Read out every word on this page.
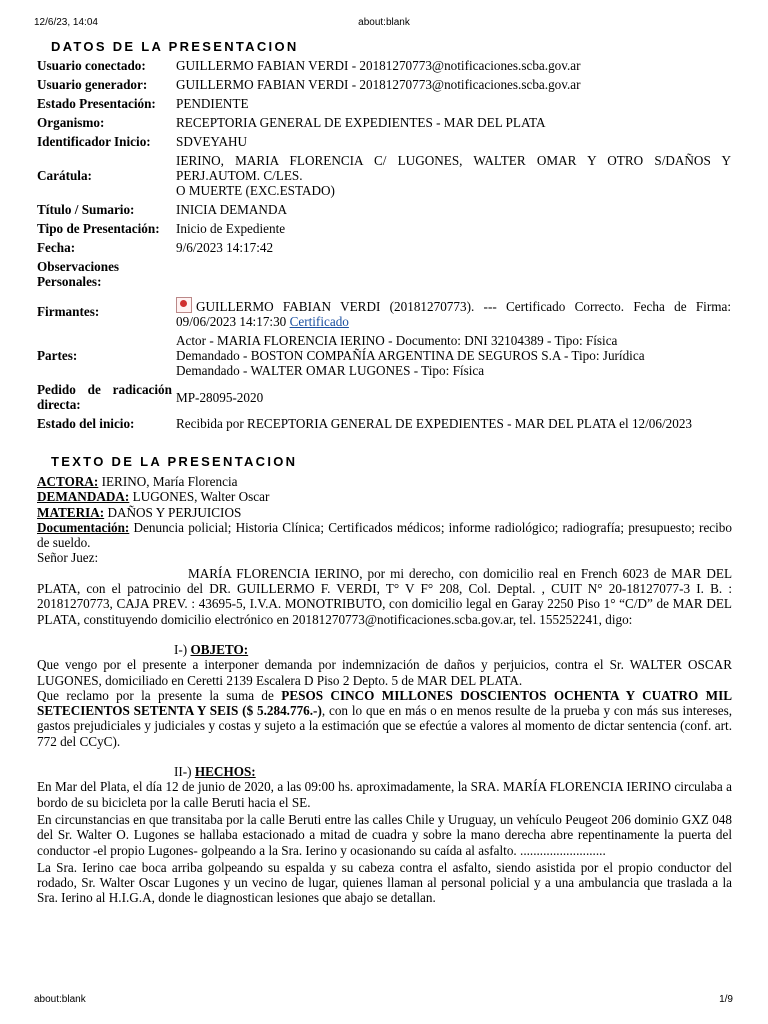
12/6/23, 14:04	about:blank
DATOS DE LA PRESENTACION
Usuario conectado:	GUILLERMO FABIAN VERDI - 20181270773@notificaciones.scba.gov.ar
Usuario generador:	GUILLERMO FABIAN VERDI - 20181270773@notificaciones.scba.gov.ar
Estado Presentación:	PENDIENTE
Organismo:	RECEPTORIA GENERAL DE EXPEDIENTES - MAR DEL PLATA
Identificador Inicio:	SDVEYAHU
Carátula:	IERINO, MARIA FLORENCIA C/ LUGONES, WALTER OMAR Y OTRO S/DAÑOS Y PERJ.AUTOM. C/LES.
O MUERTE (EXC.ESTADO)
Título / Sumario:	INICIA DEMANDA
Tipo de Presentación:	Inicio de Expediente
Fecha:	9/6/2023 14:17:42
Observaciones Personales:	
Firmantes:	GUILLERMO FABIAN VERDI (20181270773). --- Certificado Correcto. Fecha de Firma: 09/06/2023 14:17:30 Certificado
Partes:	Actor - MARIA FLORENCIA IERINO - Documento: DNI 32104389 - Tipo: Física
Demandado - BOSTON COMPAÑÍA ARGENTINA DE SEGUROS S.A - Tipo: Jurídica
Demandado - WALTER OMAR LUGONES - Tipo: Física
Pedido de radicación directa:	MP-28095-2020
Estado del inicio:	Recibida por RECEPTORIA GENERAL DE EXPEDIENTES - MAR DEL PLATA el 12/06/2023
TEXTO DE LA PRESENTACION

ACTORA: IERINO, María Florencia

DEMANDADA: LUGONES, Walter Oscar

MATERIA: DAÑOS Y PERJUICIOS

Documentación: Denuncia policial; Historia Clínica; Certificados médicos; informe radiológico; radiografía; presupuesto; recibo de sueldo.

Señor Juez:

MARÍA FLORENCIA IERINO, por mi derecho, con domicilio real en French 6023 de MAR DEL PLATA, con el patrocinio del DR. GUILLERMO F. VERDI, T° V F° 208, Col. Deptal. , CUIT N° 20-18127077-3 I. B. : 20181270773, CAJA PREV. : 43695-5, I.V.A. MONOTRIBUTO, con domicilio legal en Garay 2250 Piso 1° “C/D” de MAR DEL PLATA, constituyendo domicilio electrónico en 20181270773@notificaciones.scba.gov.ar, tel. 155252241, digo:

I-) OBJETO:

Que vengo por el presente a interponer demanda por indemnización de daños y perjuicios, contra el Sr. WALTER OSCAR LUGONES, domiciliado en Ceretti 2139 Escalera D Piso 2 Depto. 5 de MAR DEL PLATA.

Que reclamo por la presente la suma de PESOS CINCO MILLONES DOSCIENTOS OCHENTA Y CUATRO MIL SETECIENTOS SETENTA Y SEIS ($ 5.284.776.-), con lo que en más o en menos resulte de la prueba y con más sus intereses, gastos prejudiciales y judiciales y costas y sujeto a la estimación que se efectúe a valores al momento de dictar sentencia (conf. art. 772 del CCyC).

II-) HECHOS:

En Mar del Plata, el día 12 de junio de 2020, a las 09:00 hs. aproximadamente, la SRA. MARÍA FLORENCIA IERINO circulaba a bordo de su bicicleta por la calle Beruti hacia el SE.

En circunstancias en que transitaba por la calle Beruti entre las calles Chile y Uruguay, un vehículo Peugeot 206 dominio GXZ 048 del Sr. Walter O. Lugones se hallaba estacionado a mitad de cuadra y sobre la mano derecha abre repentinamente la puerta del conductor -el propio Lugones- golpeando a la Sra. Ierino y ocasionando su caída al asfalto. ..........................

La Sra. Ierino cae boca arriba golpeando su espalda y su cabeza contra el asfalto, siendo asistida por el propio conductor del rodado, Sr. Walter Oscar Lugones y un vecino de lugar, quienes llaman al personal policial y a una ambulancia que traslada a la Sra. Ierino al H.I.G.A, donde le diagnostican lesiones que abajo se detallan.

about:blank	1/9
